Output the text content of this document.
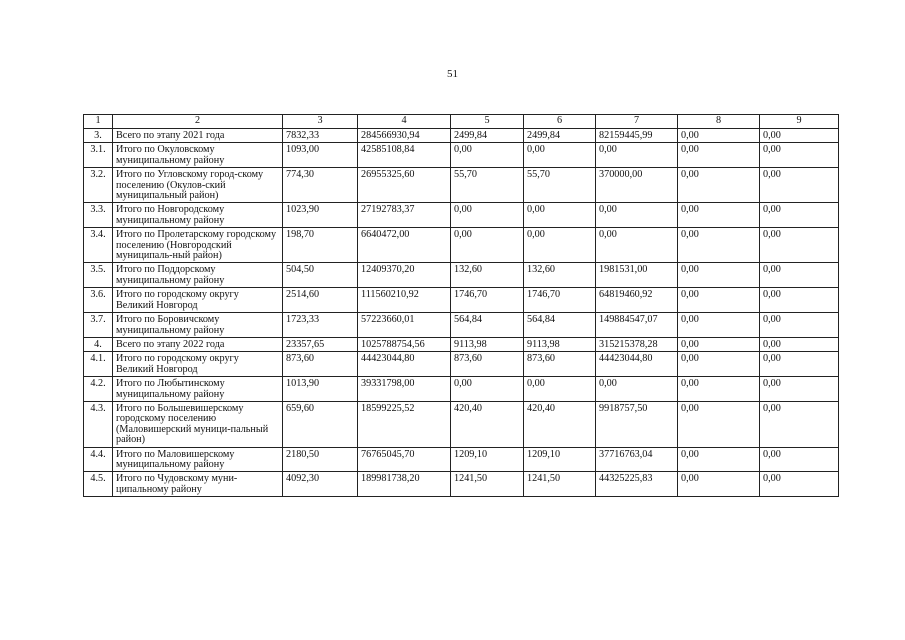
51
1	2	3	4	5	6	7	8	9
3.	Всего по этапу 2021 года	7832,33	284566930,94	2499,84	2499,84	82159445,99	0,00	0,00
3.1.	Итого по Окуловскому муниципальному району	1093,00	42585108,84	0,00	0,00	0,00	0,00	0,00
3.2.	Итого по Угловскому город-скому поселению (Окулов-ский муниципальный район)	774,30	26955325,60	55,70	55,70	370000,00	0,00	0,00
3.3.	Итого по Новгородскому муниципальному району	1023,90	27192783,37	0,00	0,00	0,00	0,00	0,00
3.4.	Итого по Пролетарскому городскому поселению (Новгородский муниципаль-ный район)	198,70	6640472,00	0,00	0,00	0,00	0,00	0,00
3.5.	Итого по Поддорскому муниципальному району	504,50	12409370,20	132,60	132,60	1981531,00	0,00	0,00
3.6.	Итого по городскому округу Великий Новгород	2514,60	111560210,92	1746,70	1746,70	64819460,92	0,00	0,00
3.7.	Итого по Боровичскому муниципальному району	1723,33	57223660,01	564,84	564,84	149884547,07	0,00	0,00
4.	Всего по этапу 2022 года	23357,65	1025788754,56	9113,98	9113,98	315215378,28	0,00	0,00
4.1.	Итого по городскому округу Великий Новгород	873,60	44423044,80	873,60	873,60	44423044,80	0,00	0,00
4.2.	Итого по Любытинскому муниципальному району	1013,90	39331798,00	0,00	0,00	0,00	0,00	0,00
4.3.	Итого по Большевишерскому городскому поселению (Маловишерский муници-пальный район)	659,60	18599225,52	420,40	420,40	9918757,50	0,00	0,00
4.4.	Итого по Маловишерскому муниципальному району	2180,50	76765045,70	1209,10	1209,10	37716763,04	0,00	0,00
4.5.	Итого по Чудовскому муни-ципальному району	4092,30	189981738,20	1241,50	1241,50	44325225,83	0,00	0,00
